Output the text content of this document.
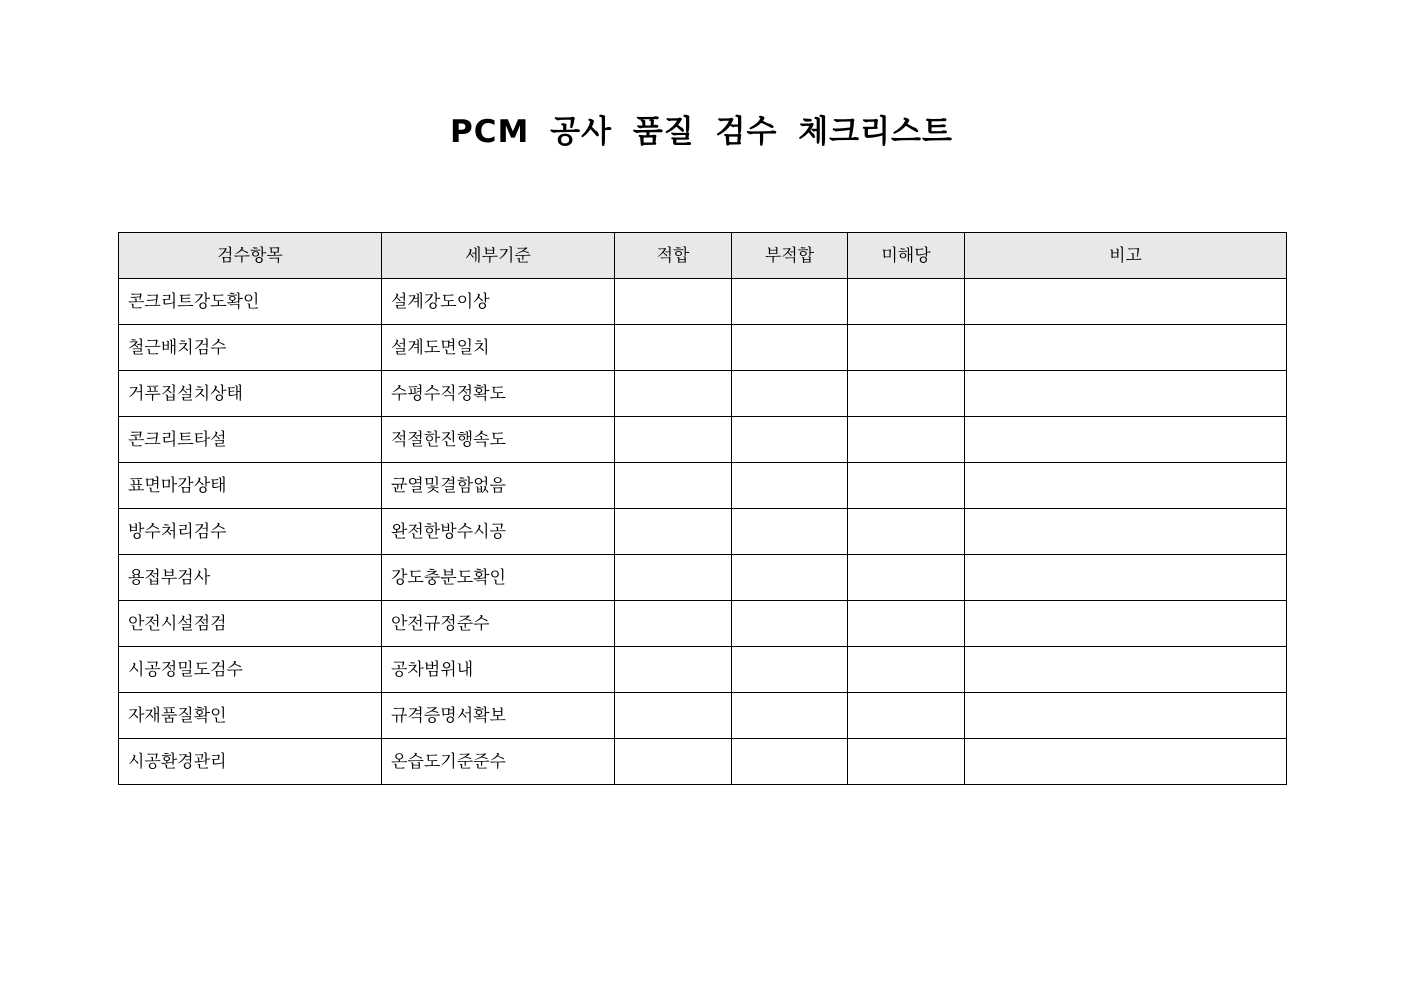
PCM 공사 품질 검수 체크리스트
검수항목	세부기준	적합	부적합	미해당	비고
콘크리트강도확인	설계강도이상				
철근배치검수	설계도면일치				
거푸집설치상태	수평수직정확도				
콘크리트타설	적절한진행속도				
표면마감상태	균열및결함없음				
방수처리검수	완전한방수시공				
용접부검사	강도충분도확인				
안전시설점검	안전규정준수				
시공정밀도검수	공차범위내				
자재품질확인	규격증명서확보				
시공환경관리	온습도기준준수				
